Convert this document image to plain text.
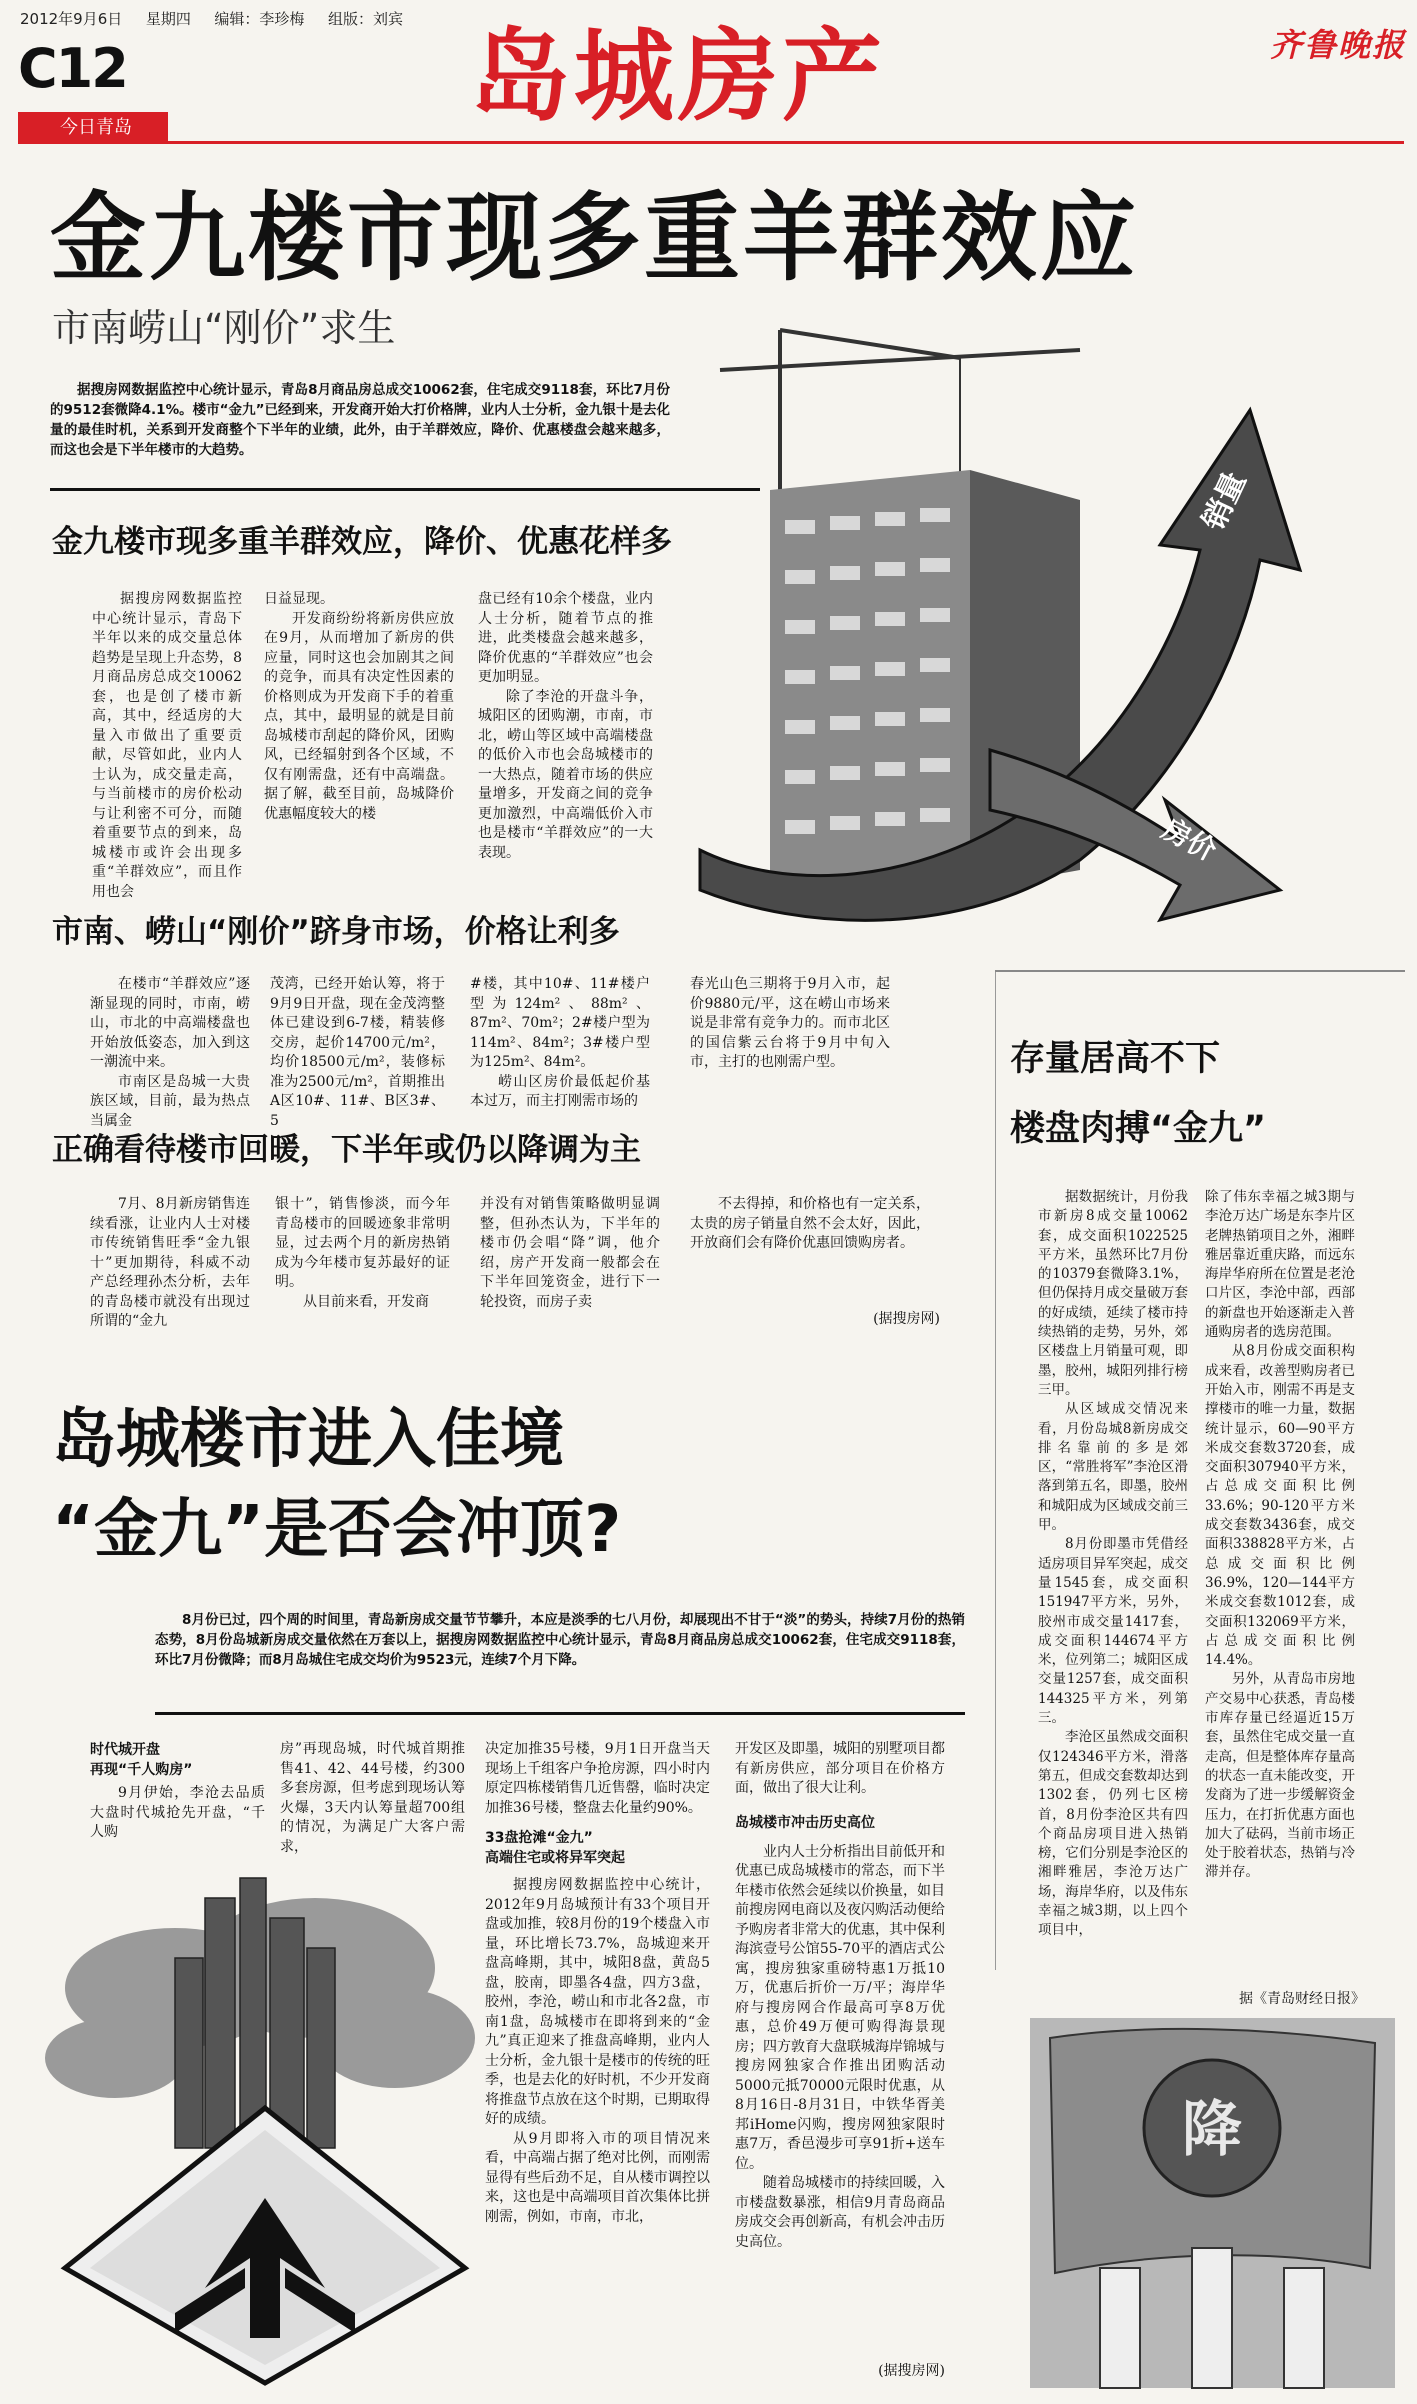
2012年9月6日 星期四 编辑：李珍梅 组版：刘宾
C12
今日青岛	岛城房产	齐鲁晚报
金九楼市现多重羊群效应
市南崂山“刚价”求生

据搜房网数据监控中心统计显示，青岛8月商品房总成交10062套，住宅成交9118套，环比7月份的9512套微降4.1%。楼市“金九”已经到来，开发商开始大打价格牌，业内人士分析，金九银十是去化量的最佳时机，关系到开发商整个下半年的业绩，此外，由于羊群效应，降价、优惠楼盘会越来越多，而这也会是下半年楼市的大趋势。

金九楼市现多重羊群效应，降价、优惠花样多

据搜房网数据监控中心统计显示，青岛下半年以来的成交量总体趋势是呈现上升态势，8月商品房总成交10062套，也是创了楼市新高，其中，经适房的大量入市做出了重要贡献，尽管如此，业内人士认为，成交量走高，与当前楼市的房价松动与让利密不可分，而随着重要节点的到来，岛城楼市或许会出现多重“羊群效应”，而且作用也会

日益显现。

开发商纷纷将新房供应放在9月，从而增加了新房的供应量，同时这也会加剧其之间的竞争，而具有决定性因素的价格则成为开发商下手的着重点，其中，最明显的就是目前岛城楼市刮起的降价风，团购风，已经辐射到各个区域，不仅有刚需盘，还有中高端盘。据了解，截至目前，岛城降价优惠幅度较大的楼

盘已经有10余个楼盘，业内人士分析，随着节点的推进，此类楼盘会越来越多，降价优惠的“羊群效应”也会更加明显。

除了李沧的开盘斗争，城阳区的团购潮，市南，市北，崂山等区域中高端楼盘的低价入市也会岛城楼市的一大热点，随着市场的供应量增多，开发商之间的竞争更加激烈，中高端低价入市也是楼市“羊群效应”的一大表现。

销量
房价
市南、崂山“刚价”跻身市场，价格让利多

在楼市“羊群效应”逐渐显现的同时，市南，崂山，市北的中高端楼盘也开始放低姿态，加入到这一潮流中来。

市南区是岛城一大贵族区域，目前，最为热点当属金

茂湾，已经开始认筹，将于9月9日开盘，现在金茂湾整体已建设到6-7楼，精装修交房，起价14700元/m²，均价18500元/m²，装修标准为2500元/m²，首期推出A区10#、11#、B区3#、5

#楼，其中10#、11#楼户型为124m²、88m²、87m²、70m²；2#楼户型为114m²、84m²；3#楼户型为125m²、84m²。

崂山区房价最低起价基本过万，而主打刚需市场的

春光山色三期将于9月入市，起价9880元/平，这在崂山市场来说是非常有竞争力的。而市北区的国信紫云台将于9月中旬入市，主打的也刚需户型。

正确看待楼市回暖，下半年或仍以降调为主

7月、8月新房销售连续看涨，让业内人士对楼市传统销售旺季“金九银十”更加期待，科威不动产总经理孙杰分析，去年的青岛楼市就没有出现过所谓的“金九

银十”，销售惨淡，而今年青岛楼市的回暖迹象非常明显，过去两个月的新房热销成为今年楼市复苏最好的证明。

从目前来看，开发商

并没有对销售策略做明显调整，但孙杰认为，下半年的楼市仍会唱“降”调，他介绍，房产开发商一般都会在下半年回笼资金，进行下一轮投资，而房子卖

不去得掉，和价格也有一定关系，太贵的房子销量自然不会太好，因此，开放商们会有降价优惠回馈购房者。

(据搜房网)
存量居高不下
楼盘肉搏“金九”

据数据统计，月份我市新房8成交量10062套，成交面积1022525平方米，虽然环比7月份的10379套微降3.1%，但仍保持月成交量破万套的好成绩，延续了楼市持续热销的走势，另外，郊区楼盘上月销量可观，即墨，胶州，城阳列排行榜三甲。

从区域成交情况来看，月份岛城8新房成交排名靠前的多是郊区，“常胜将军”李沧区滑落到第五名，即墨，胶州和城阳成为区域成交前三甲。

8月份即墨市凭借经适房项目异军突起，成交量1545套，成交面积151947平方米，另外，胶州市成交量1417套，成交面积144674平方米，位列第二；城阳区成交量1257套，成交面积144325平方米，列第三。

李沧区虽然成交面积仅124346平方米，滑落第五，但成交套数却达到1302套，仍列七区榜首，8月份李沧区共有四个商品房项目进入热销榜，它们分别是李沧区的湘畔雅居，李沧万达广场，海岸华府，以及伟东幸福之城3期，以上四个项目中，

除了伟东幸福之城3期与李沧万达广场是东李片区老牌热销项目之外，湘畔雅居靠近重庆路，而远东海岸华府所在位置是老沧口片区，李沧中部，西部的新盘也开始逐渐走入普通购房者的选房范围。

从8月份成交面积构成来看，改善型购房者已开始入市，刚需不再是支撑楼市的唯一力量，数据统计显示，60—90平方米成交套数3720套，成交面积307940平方米，占总成交面积比例33.6%；90-120平方米成交套数3436套，成交面积338828平方米，占总成交面积比例36.9%，120—144平方米成交套数1012套，成交面积132069平方米，占总成交面积比例14.4%。

另外，从青岛市房地产交易中心获悉，青岛楼市库存量已经逼近15万套，虽然住宅成交量一直走高，但是整体库存量高的状态一直未能改变，开发商为了进一步缓解资金压力，在打折优惠方面也加大了砝码，当前市场正处于胶着状态，热销与冷滞并存。

据《青岛财经日报》
降
岛城楼市进入佳境
“金九”是否会冲顶?

8月份已过，四个周的时间里，青岛新房成交量节节攀升，本应是淡季的七八月份，却展现出不甘于“淡”的势头，持续7月份的热销态势，8月份岛城新房成交量依然在万套以上，据搜房网数据监控中心统计显示，青岛8月商品房总成交10062套，住宅成交9118套，环比7月份微降；而8月岛城住宅成交均价为9523元，连续7个月下降。

时代城开盘
再现“千人购房”

9月伊始，李沧去品质大盘时代城抢先开盘，“千人购

房”再现岛城，时代城首期推售41、42、44号楼，约300多套房源，但考虑到现场认筹火爆，3天内认筹量超700组的情况，为满足广大客户需求，

决定加推35号楼，9月1日开盘当天现场上千组客户争抢房源，四小时内原定四栋楼销售几近售罄，临时决定加推36号楼，整盘去化量约90%。

33盘抢滩“金九”
高端住宅或将异军突起

据搜房网数据监控中心统计，2012年9月岛城预计有33个项目开盘或加推，较8月份的19个楼盘入市量，环比增长73.7%，岛城迎来开盘高峰期，其中，城阳8盘，黄岛5盘，胶南，即墨各4盘，四方3盘，胶州，李沧，崂山和市北各2盘，市南1盘，岛城楼市在即将到来的“金九”真正迎来了推盘高峰期，业内人士分析，金九银十是楼市的传统的旺季，也是去化的好时机，不少开发商将推盘节点放在这个时期，已期取得好的成绩。

从9月即将入市的项目情况来看，中高端占据了绝对比例，而刚需显得有些后劲不足，自从楼市调控以来，这也是中高端项目首次集体比拼刚需，例如，市南，市北，

开发区及即墨，城阳的别墅项目都有新房供应，部分项目在价格方面，做出了很大让利。

岛城楼市冲击历史高位

业内人士分析指出目前低开和优惠已成岛城楼市的常态，而下半年楼市依然会延续以价换量，如目前搜房网电商以及夜闪购活动便给予购房者非常大的优惠，其中保利海滨壹号公馆55-70平的酒店式公寓，搜房独家重磅特惠1万抵10万，优惠后折价一万/平；海岸华府与搜房网合作最高可享8万优惠，总价49万便可购得海景现房；四方敦育大盘联城海岸锦城与搜房网独家合作推出团购活动5000元抵70000元限时优惠，从8月16日-8月31日，中铁华胥美邦iHome闪购，搜房网独家限时惠7万，香邑漫步可享91折+送车位。

随着岛城楼市的持续回暖，入市楼盘数暴涨，相信9月青岛商品房成交会再创新高，有机会冲击历史高位。

(据搜房网)
